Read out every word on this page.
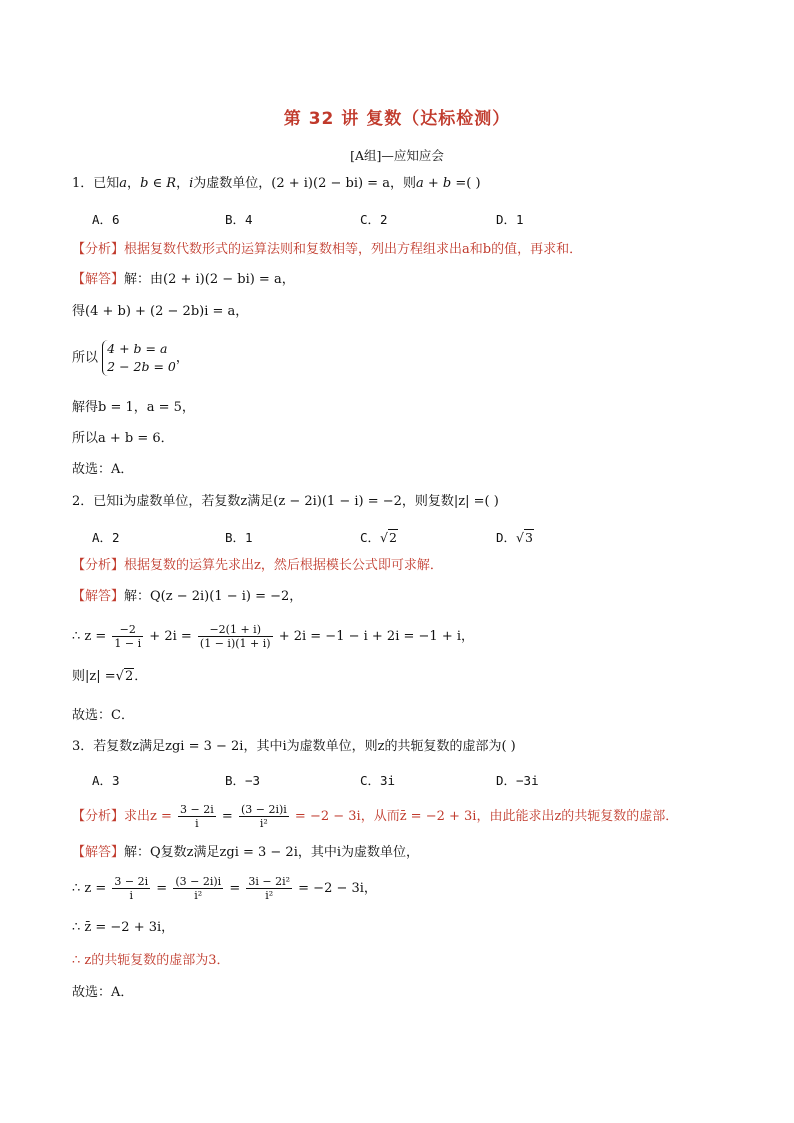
第 32 讲 复数（达标检测）
[A组]—应知应会
1．已知a，b ∈ R，i为虚数单位，(2 + i)(2 − bi) = a，则a + b =( )
A．6	B．4	C．2	D．1
【分析】根据复数代数形式的运算法则和复数相等，列出方程组求出a和b的值，再求和．
【解答】解：由(2 + i)(2 − bi) = a，
得(4 + b) + (2 − 2b)i = a，
所以
4 + b = a
2 − 2b = 0
，
解得b = 1，a = 5，
所以a + b = 6．
故选：A．
2．已知i为虚数单位，若复数z满足(z − 2i)(1 − i) = −2，则复数|z| =( )
A．2	B．1	C．√2	D．√3
【分析】根据复数的运算先求出z，然后根据模长公式即可求解．
【解答】解：Q(z − 2i)(1 − i) = −2，
∴ $z = \frac{-2}{1 - i} + 2i = \frac{-2(1 + i)}{(1 - i)(1 + i)} + 2i = -1 - i + 2i = -1 + i$，
则|z| =√2．
故选：C．
3．若复数z满足zgi = 3 − 2i，其中i为虚数单位，则z的共轭复数的虚部为( )
A．3	B．−3	C．3i	D．−3i
【分析】求出$z = \frac{3 - 2i}{i} = \frac{(3 - 2i)i}{\text{i²}} = -2 - 3i$，从而z̄ = −2 + 3i，由此能求出z的共轭复数的虚部．
【解答】解：Q复数z满足zgi = 3 − 2i，其中i为虚数单位，
∴ $z = \frac{3 - 2i}{i} = \frac{(3 - 2i)i}{\text{i²}} = \frac{\text{3i − 2i²}}{\text{i²}} = -2 - 3i$，
∴ z̄ = −2 + 3i，
∴ z的共轭复数的虚部为3．
故选：A．
